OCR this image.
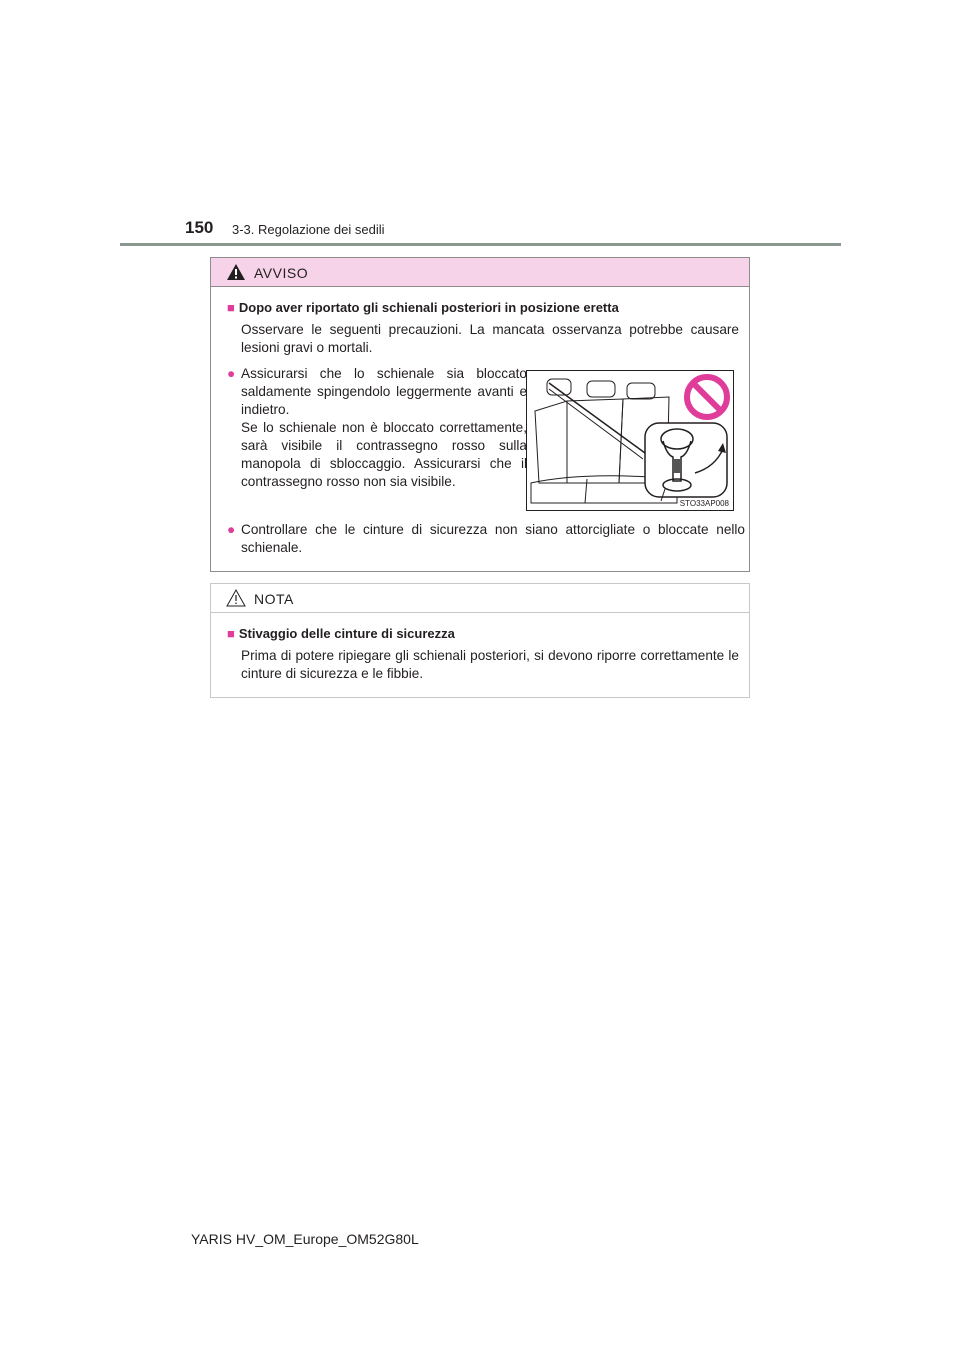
150 3-3. Regolazione dei sedili
AVVISO
■ Dopo aver riportato gli schienali posteriori in posizione eretta
Osservare le seguenti precauzioni. La mancata osservanza potrebbe causare lesioni gravi o mortali.
● Assicurarsi che lo schienale sia bloccato saldamente spingendolo leggermente avanti e indietro.
Se lo schienale non è bloccato correttamente, sarà visibile il contrassegno rosso sulla manopola di sbloccaggio. Assicurarsi che il contrassegno rosso non sia visibile.
STO33AP008
● Controllare che le cinture di sicurezza non siano attorcigliate o bloccate nello schienale.
NOTA
■ Stivaggio delle cinture di sicurezza
Prima di potere ripiegare gli schienali posteriori, si devono riporre correttamente le cinture di sicurezza e le fibbie.
YARIS HV_OM_Europe_OM52G80L
